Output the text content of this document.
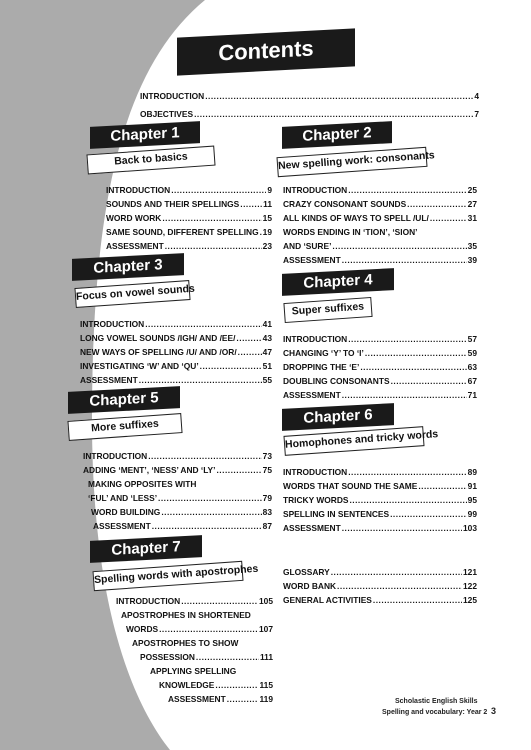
Contents
INTRODUCTION .....	4
OBJECTIVES .....	7
Chapter 1
Back to basics
Chapter 2
New spelling work: consonants
Chapter 3
Focus on vowel sounds
Chapter 4
Super suffixes
Chapter 5
More suffixes	Chapter 6
Homophones and tricky words
Chapter 7
Spelling words with apostrophes
INTRODUCTION .....	9
SOUNDS AND THEIR SPELLINGS .....	11
WORD WORK .....	15
SAME SOUND, DIFFERENT SPELLING ..... 19
ASSESSMENT .....	23
INTRODUCTION .....	25
CRAZY CONSONANT SOUNDS .....	27
ALL KINDS OF WAYS TO SPELL /UL/ .....	31
WORDS ENDING IN ‘TION’, ‘SION’
AND ‘SURE’ .....	35
ASSESSMENT .....	39
INTRODUCTION .....	41
LONG VOWEL SOUNDS /IGH/ AND /EE/ .....	43
NEW WAYS OF SPELLING /U/ AND /OR/ .....	47
INVESTIGATING ‘W’ AND ‘QU’ .....	51
ASSESSMENT .....	55
INTRODUCTION .....	57
CHANGING ‘Y’ TO ‘I’ .....	59
DROPPING THE ‘E’ .....	63
DOUBLING CONSONANTS .....	67
ASSESSMENT .....	71
INTRODUCTION .....	73
ADDING ‘MENT’, ‘NESS’ AND ‘LY’ .....	75
MAKING OPPOSITES WITH
‘FUL’ AND ‘LESS’ .....	79
WORD BUILDING .....	83
ASSESSMENT .....	87
INTRODUCTION .....	89
WORDS THAT SOUND THE SAME .....	91
TRICKY WORDS .....	95
SPELLING IN SENTENCES .....	99
ASSESSMENT .....	103
INTRODUCTION .....	105
APOSTROPHES IN SHORTENED
WORDS .....	107
APOSTROPHES TO SHOW
POSSESSION .....	111
APPLYING SPELLING
KNOWLEDGE .....	115
ASSESSMENT .....	119
GLOSSARY .....	121
WORD BANK .....	122
GENERAL ACTIVITIES .....	125
Scholastic English Skills
Spelling and vocabulary: Year 2 3
